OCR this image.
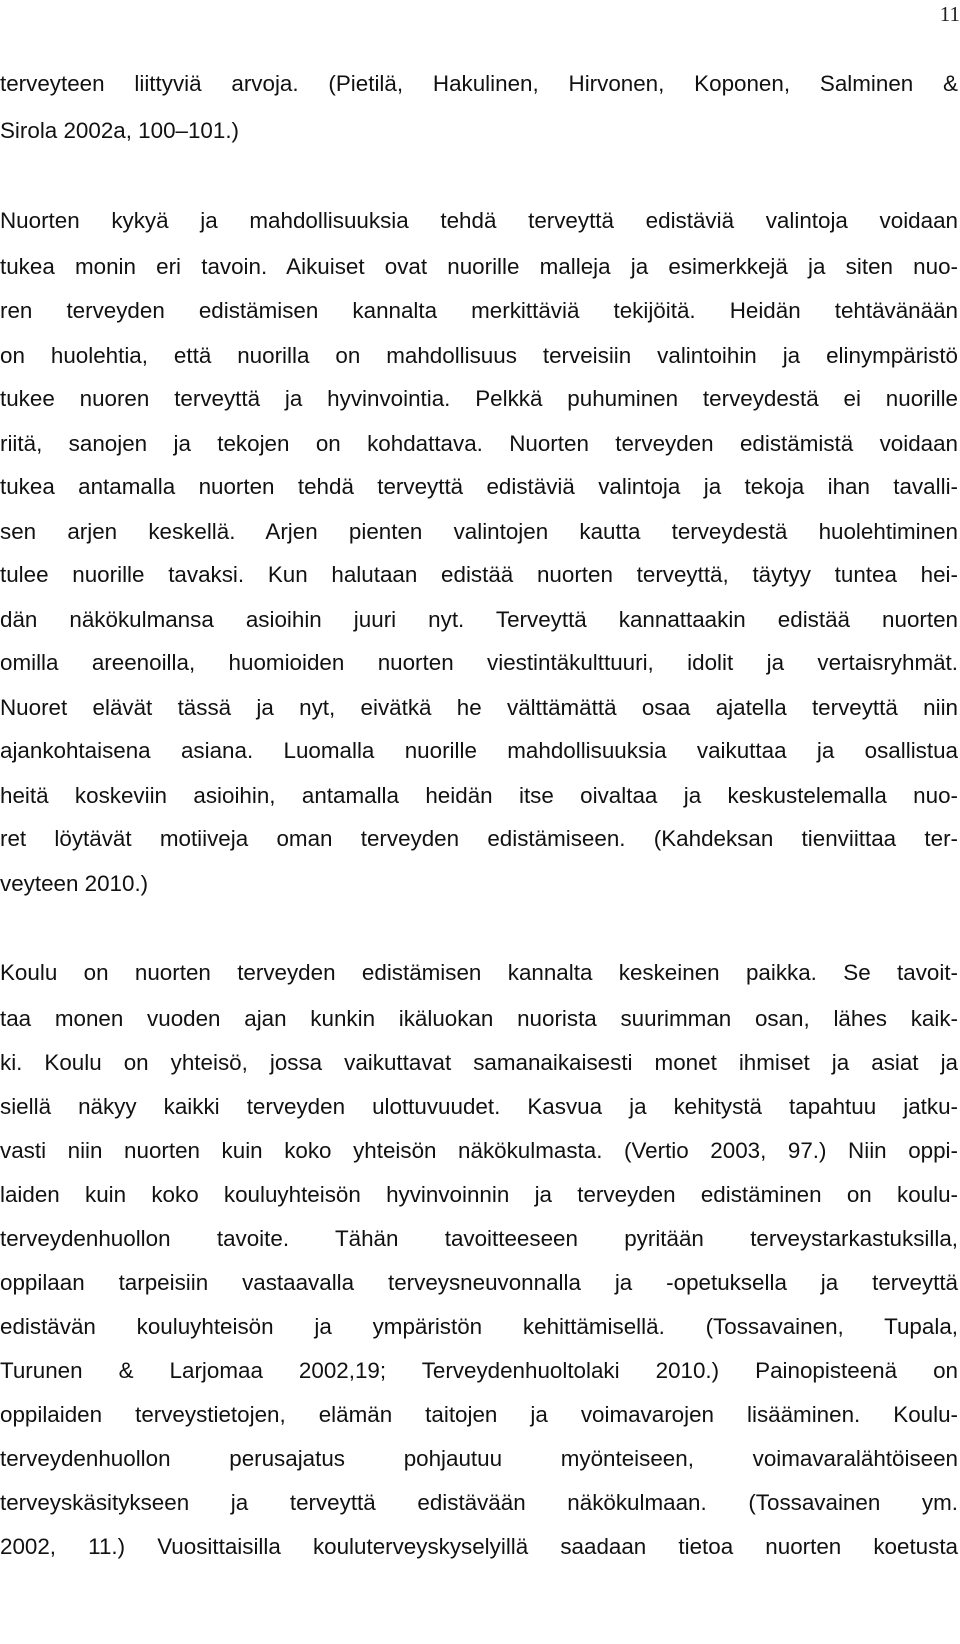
11
terveyteen liittyviä arvoja. (Pietilä, Hakulinen, Hirvonen, Koponen, Salminen &
Sirola 2002a, 100–101.)
Nuorten kykyä ja mahdollisuuksia tehdä terveyttä edistäviä valintoja voidaan
tukea monin eri tavoin. Aikuiset ovat nuorille malleja ja esimerkkejä ja siten nuo-
ren terveyden edistämisen kannalta merkittäviä tekijöitä. Heidän tehtävänään
on huolehtia, että nuorilla on mahdollisuus terveisiin valintoihin ja elinympäristö
tukee nuoren terveyttä ja hyvinvointia. Pelkkä puhuminen terveydestä ei nuorille
riitä, sanojen ja tekojen on kohdattava. Nuorten terveyden edistämistä voidaan
tukea antamalla nuorten tehdä terveyttä edistäviä valintoja ja tekoja ihan tavalli-
sen arjen keskellä. Arjen pienten valintojen kautta terveydestä huolehtiminen
tulee nuorille tavaksi. Kun halutaan edistää nuorten terveyttä, täytyy tuntea hei-
dän näkökulmansa asioihin juuri nyt. Terveyttä kannattaakin edistää nuorten
omilla areenoilla, huomioiden nuorten viestintäkulttuuri, idolit ja vertaisryhmät.
Nuoret elävät tässä ja nyt, eivätkä he välttämättä osaa ajatella terveyttä niin
ajankohtaisena asiana. Luomalla nuorille mahdollisuuksia vaikuttaa ja osallistua
heitä koskeviin asioihin, antamalla heidän itse oivaltaa ja keskustelemalla nuo-
ret löytävät motiiveja oman terveyden edistämiseen. (Kahdeksan tienviittaa ter-
veyteen 2010.)
Koulu on nuorten terveyden edistämisen kannalta keskeinen paikka. Se tavoit-
taa monen vuoden ajan kunkin ikäluokan nuorista suurimman osan, lähes kaik-
ki. Koulu on yhteisö, jossa vaikuttavat samanaikaisesti monet ihmiset ja asiat ja
siellä näkyy kaikki terveyden ulottuvuudet. Kasvua ja kehitystä tapahtuu jatku-
vasti niin nuorten kuin koko yhteisön näkökulmasta. (Vertio 2003, 97.) Niin oppi-
laiden kuin koko kouluyhteisön hyvinvoinnin ja terveyden edistäminen on koulu-
terveydenhuollon tavoite. Tähän tavoitteeseen pyritään terveystarkastuksilla,
oppilaan tarpeisiin vastaavalla terveysneuvonnalla ja -opetuksella ja terveyttä
edistävän kouluyhteisön ja ympäristön kehittämisellä. (Tossavainen, Tupala,
Turunen & Larjomaa 2002,19; Terveydenhuoltolaki 2010.) Painopisteenä on
oppilaiden terveystietojen, elämän taitojen ja voimavarojen lisääminen. Koulu-
terveydenhuollon perusajatus pohjautuu myönteiseen, voimavaralähtöiseen
terveyskäsitykseen ja terveyttä edistävään näkökulmaan. (Tossavainen ym.
2002, 11.) Vuosittaisilla kouluterveyskyselyillä saadaan tietoa nuorten koetusta
